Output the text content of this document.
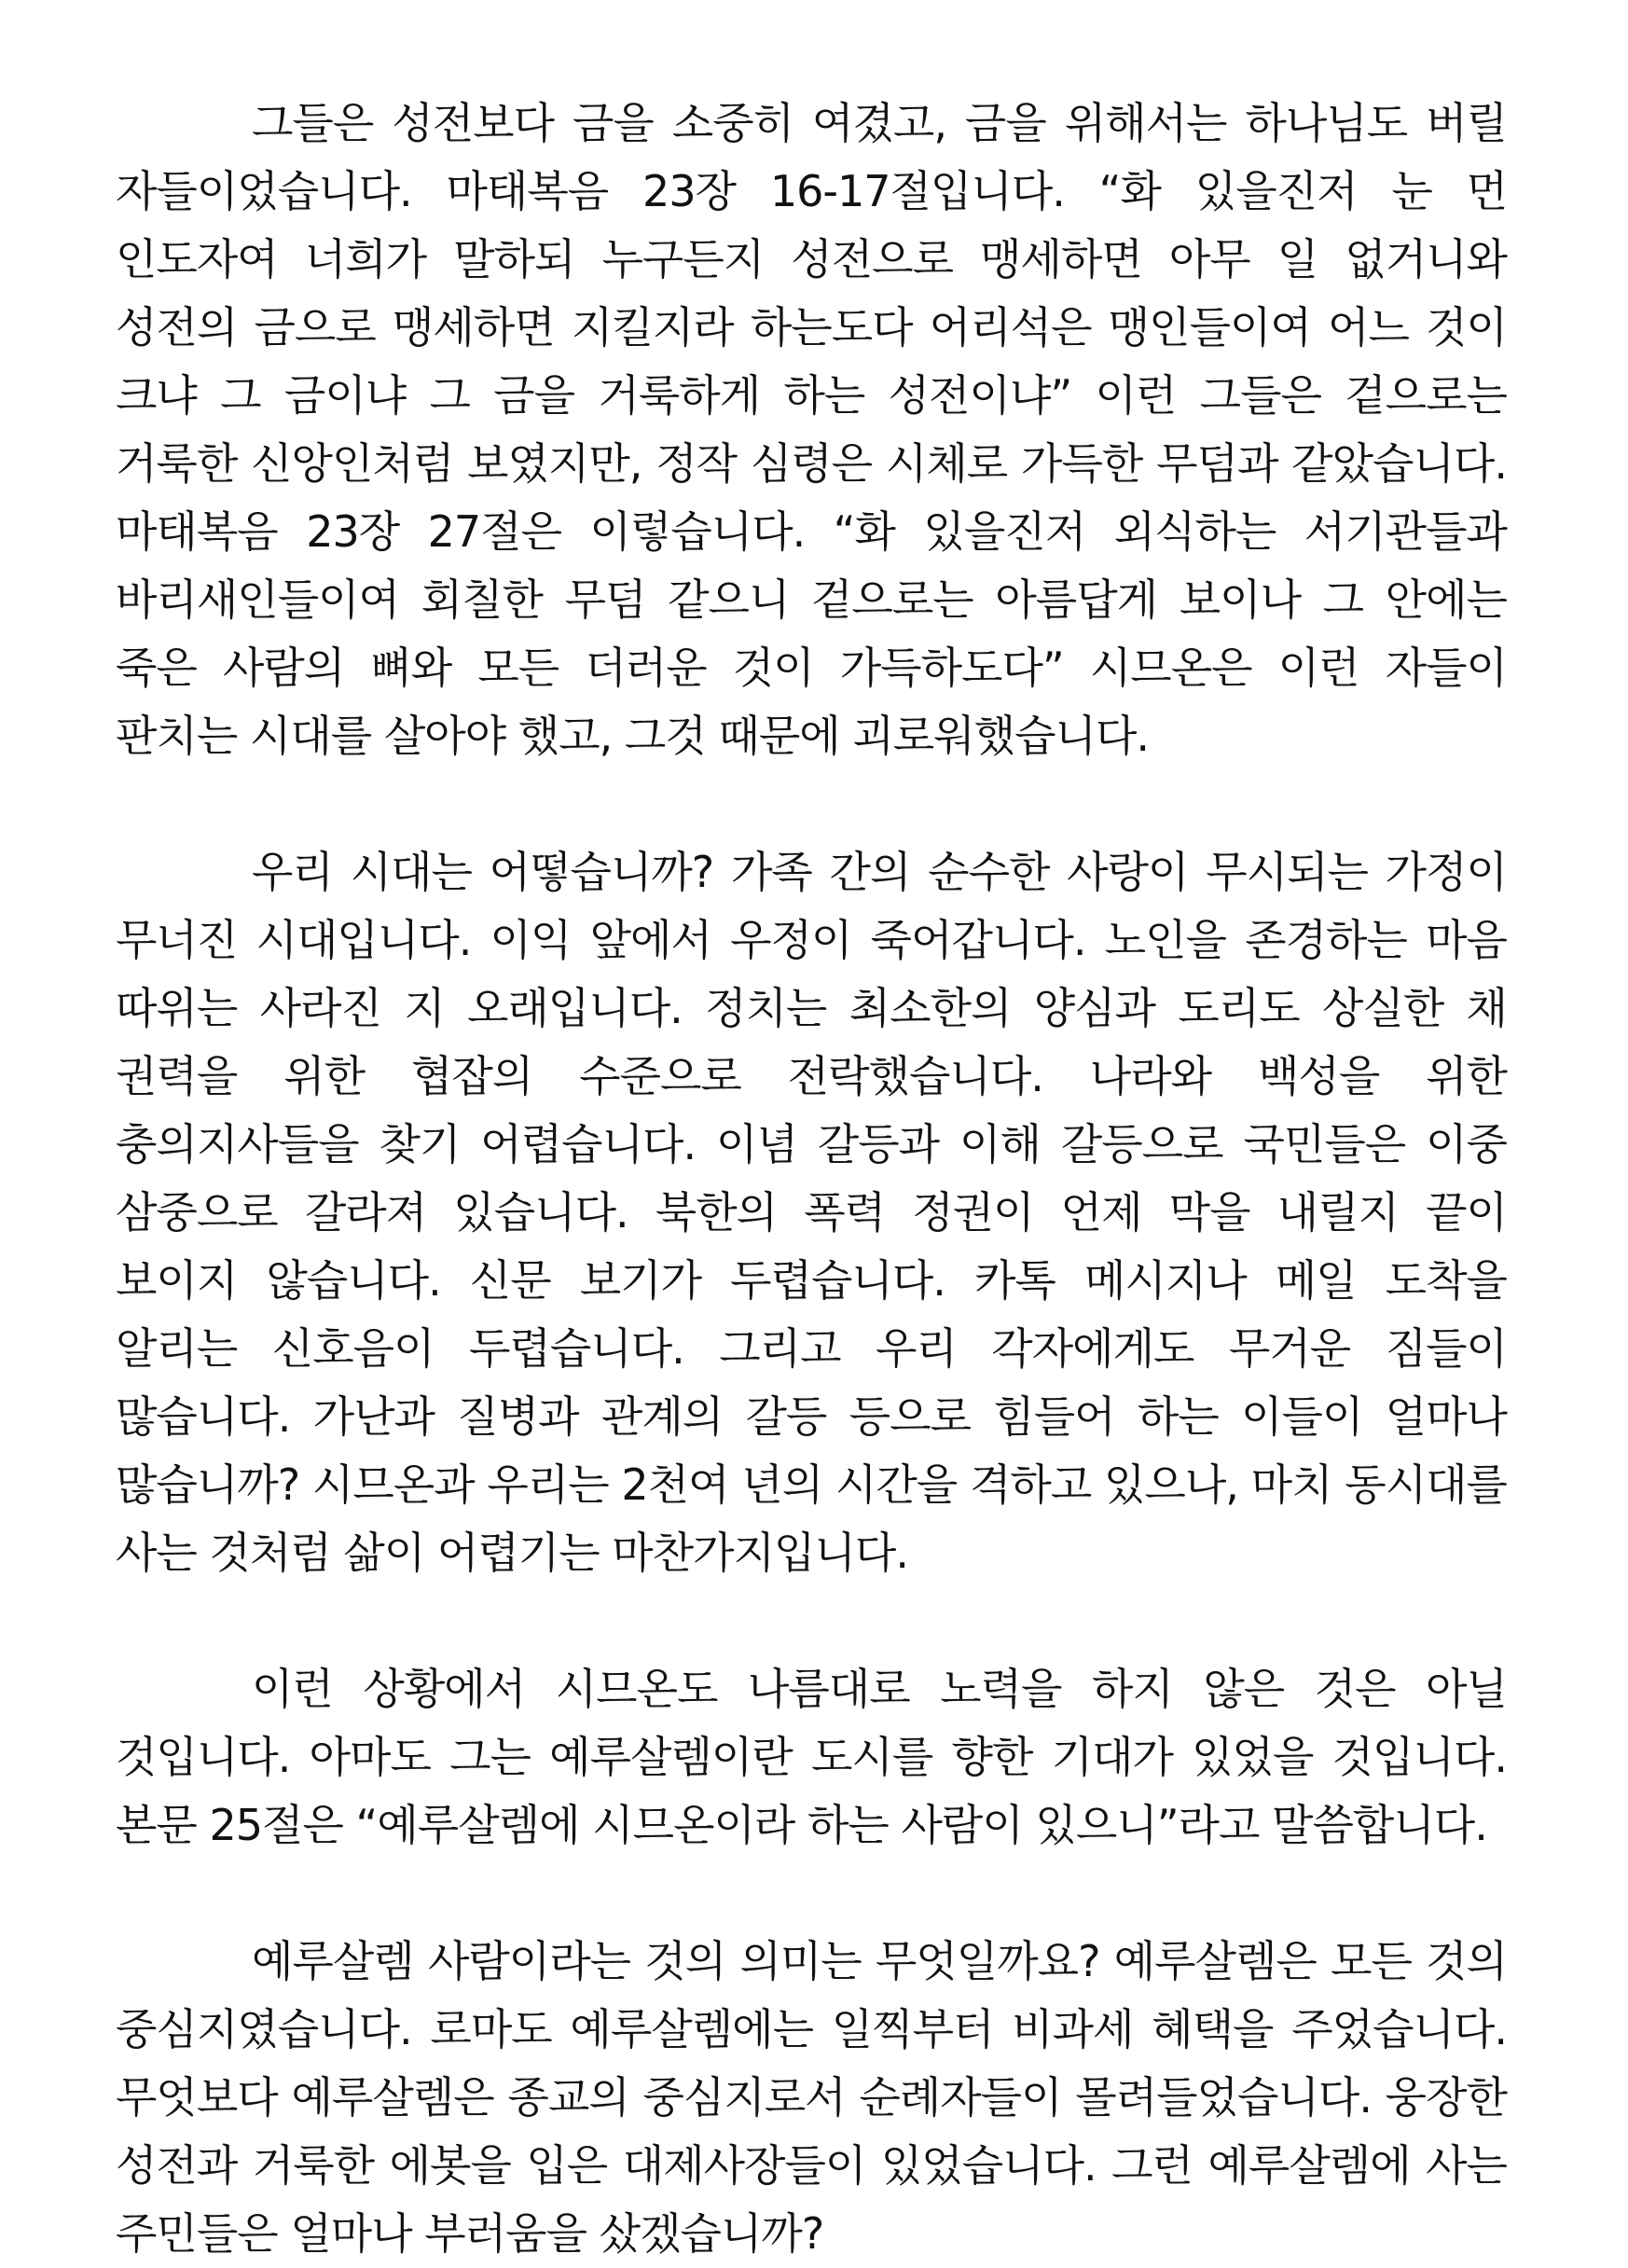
그들은 성전보다 금을 소중히 여겼고, 금을 위해서는 하나님도 버릴 자들이었습니다. 마태복음 23장 16-17절입니다. “화 있을진저 눈 먼 인도자여 너희가 말하되 누구든지 성전으로 맹세하면 아무 일 없거니와 성전의 금으로 맹세하면 지킬지라 하는도다 어리석은 맹인들이여 어느 것이 크냐 그 금이냐 그 금을 거룩하게 하는 성전이냐” 이런 그들은 겉으로는 거룩한 신앙인처럼 보였지만, 정작 심령은 시체로 가득한 무덤과 같았습니다. 마태복음 23장 27절은 이렇습니다. “화 있을진저 외식하는 서기관들과 바리새인들이여 회칠한 무덤 같으니 겉으로는 아름답게 보이나 그 안에는 죽은 사람의 뼈와 모든 더러운 것이 가득하도다” 시므온은 이런 자들이 판치는 시대를 살아야 했고, 그것 때문에 괴로워했습니다.

우리 시대는 어떻습니까? 가족 간의 순수한 사랑이 무시되는 가정이 무너진 시대입니다. 이익 앞에서 우정이 죽어갑니다. 노인을 존경하는 마음 따위는 사라진 지 오래입니다. 정치는 최소한의 양심과 도리도 상실한 채 권력을 위한 협잡의 수준으로 전락했습니다. 나라와 백성을 위한 충의지사들을 찾기 어렵습니다. 이념 갈등과 이해 갈등으로 국민들은 이중 삼중으로 갈라져 있습니다. 북한의 폭력 정권이 언제 막을 내릴지 끝이 보이지 않습니다. 신문 보기가 두렵습니다. 카톡 메시지나 메일 도착을 알리는 신호음이 두렵습니다. 그리고 우리 각자에게도 무거운 짐들이 많습니다. 가난과 질병과 관계의 갈등 등으로 힘들어 하는 이들이 얼마나 많습니까? 시므온과 우리는 2천여 년의 시간을 격하고 있으나, 마치 동시대를 사는 것처럼 삶이 어렵기는 마찬가지입니다.

이런 상황에서 시므온도 나름대로 노력을 하지 않은 것은 아닐 것입니다. 아마도 그는 예루살렘이란 도시를 향한 기대가 있었을 것입니다. 본문 25절은 “예루살렘에 시므온이라 하는 사람이 있으니”라고 말씀합니다.

예루살렘 사람이라는 것의 의미는 무엇일까요? 예루살렘은 모든 것의 중심지였습니다. 로마도 예루살렘에는 일찍부터 비과세 혜택을 주었습니다. 무엇보다 예루살렘은 종교의 중심지로서 순례자들이 몰려들었습니다. 웅장한 성전과 거룩한 에봇을 입은 대제사장들이 있었습니다. 그런 예루살렘에 사는 주민들은 얼마나 부러움을 샀겠습니까?
